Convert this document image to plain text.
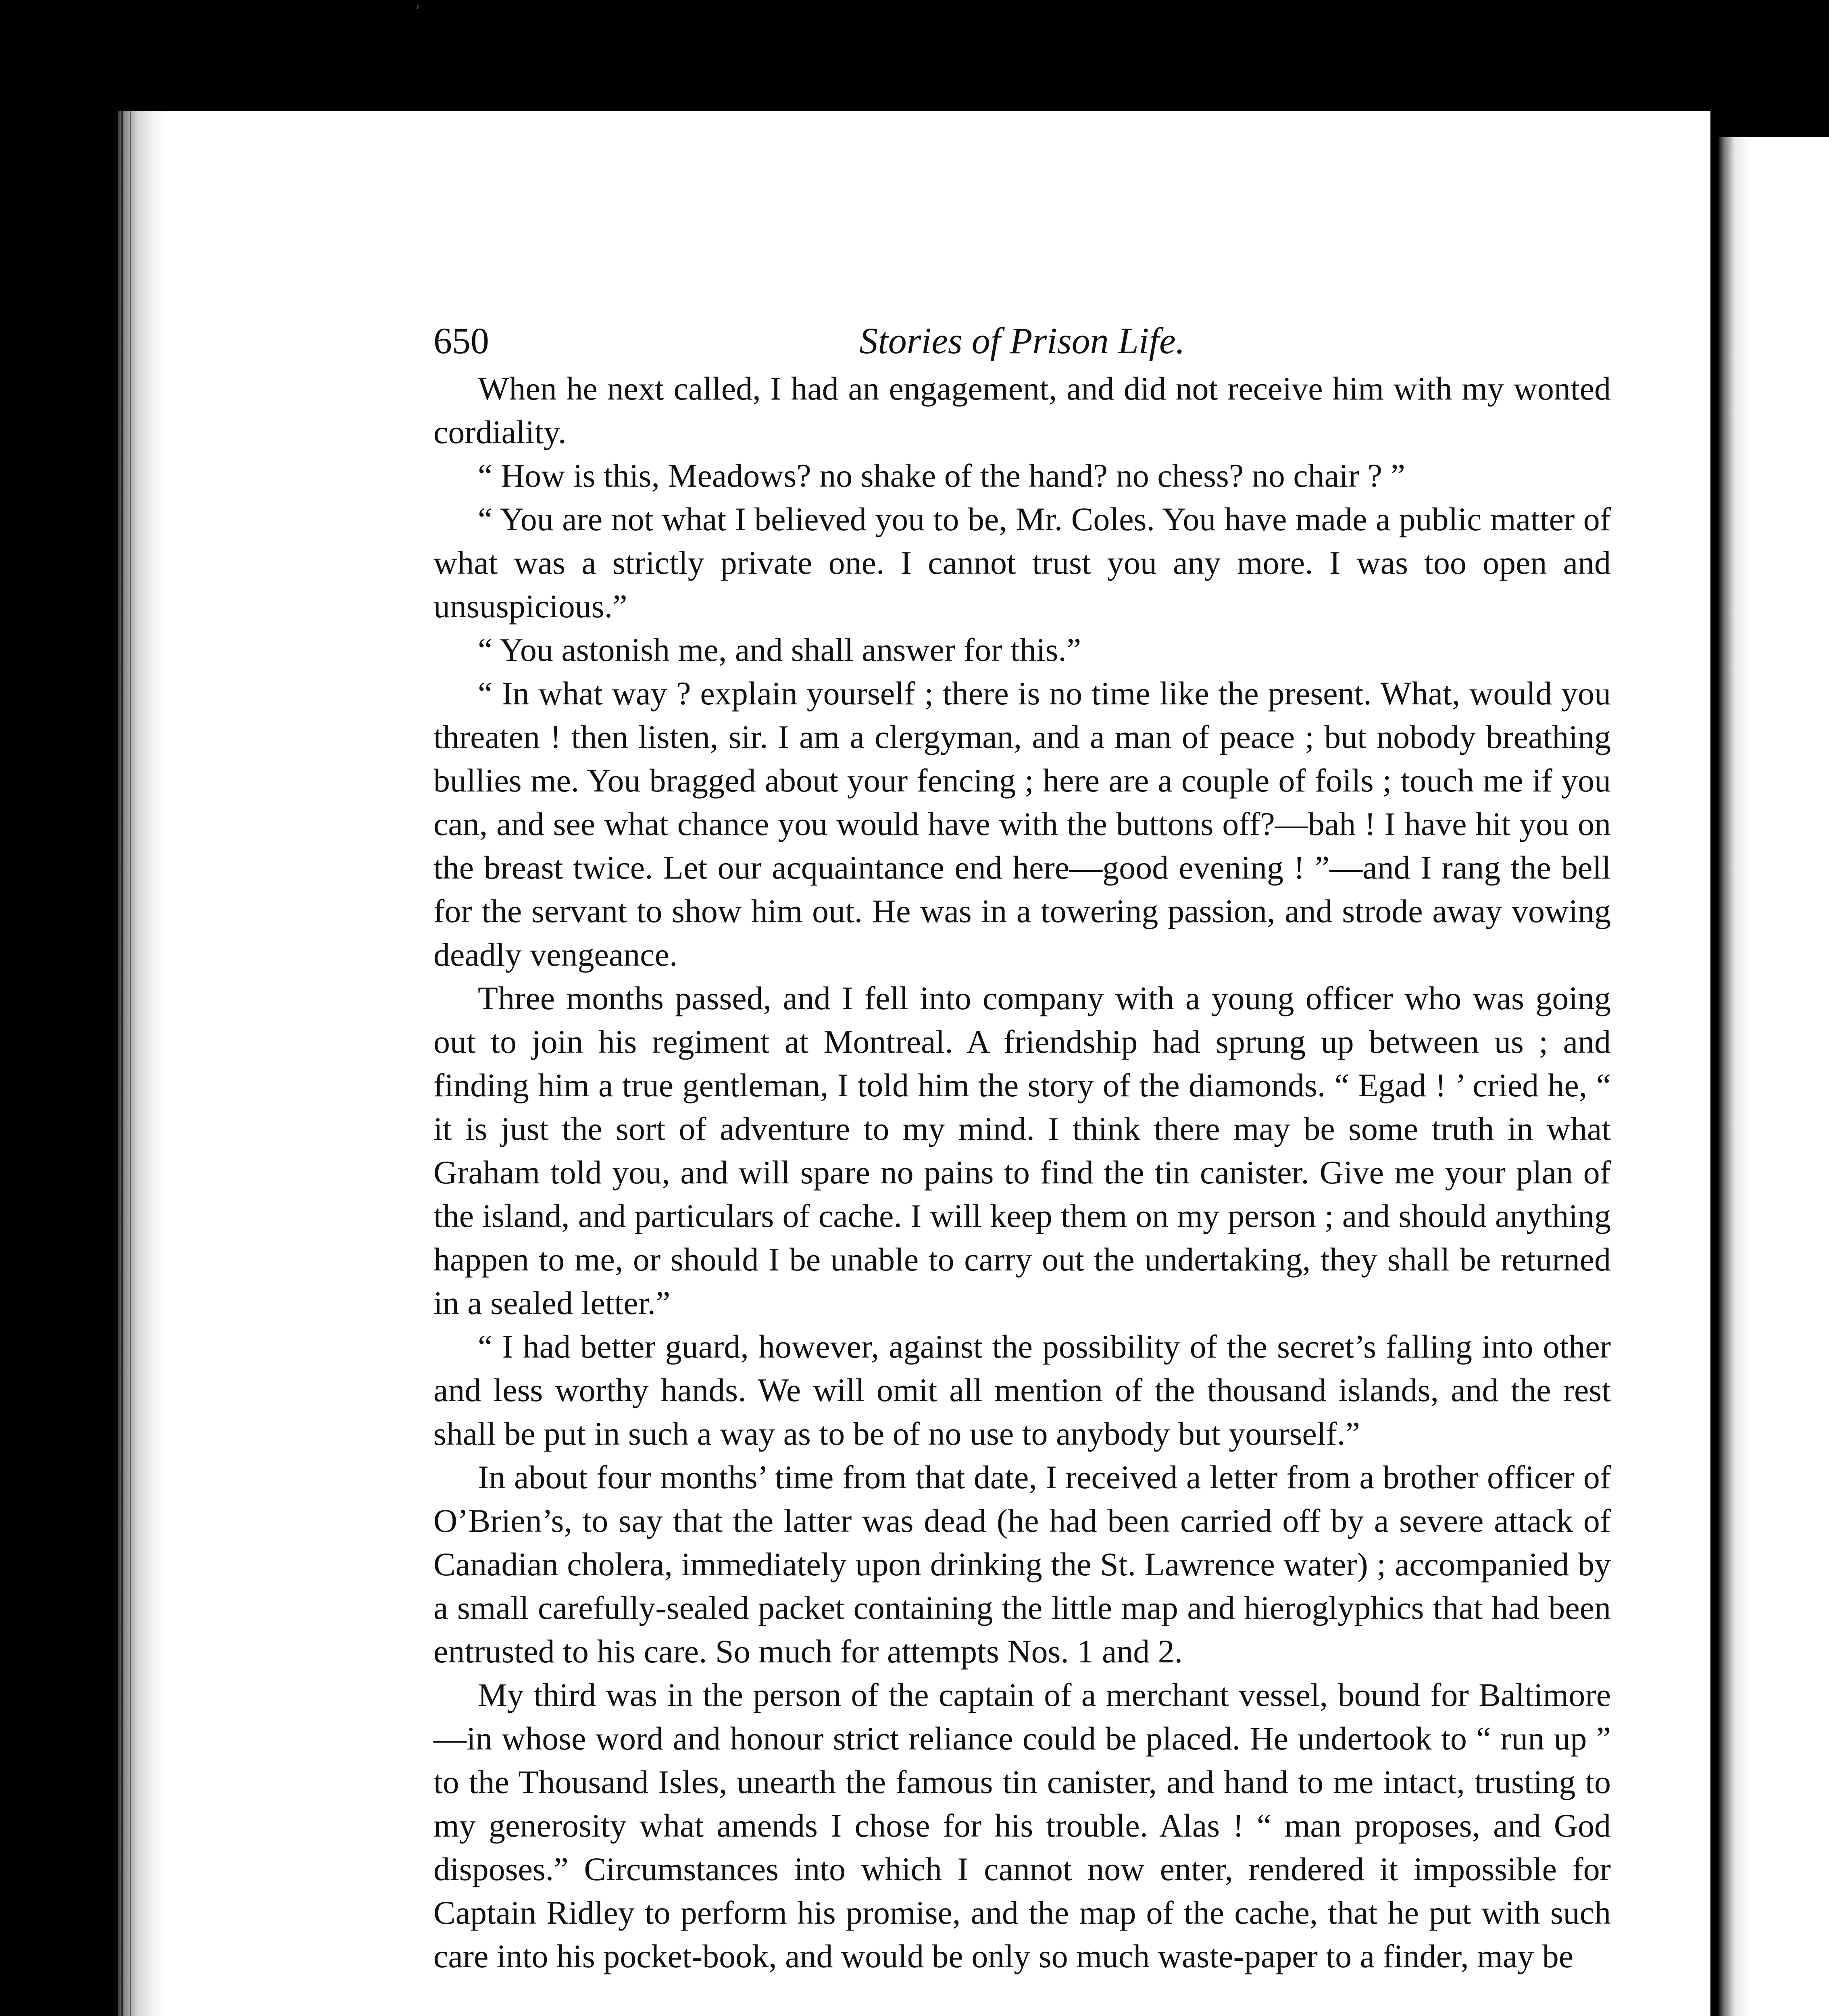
’
650	Stories of Prison Life.

When he next called, I had an engagement, and did not receive him with my wonted cordiality.

“ How is this, Meadows? no shake of the hand? no chess? no chair ? ”

“ You are not what I believed you to be, Mr. Coles. You have made a public matter of what was a strictly private one. I cannot trust you any more. I was too open and unsuspicious.”

“ You astonish me, and shall answer for this.”

“ In what way ? explain yourself ; there is no time like the present. What, would you threaten ! then listen, sir. I am a clergyman, and a man of peace ; but nobody breathing bullies me. You bragged about your fencing ; here are a couple of foils ; touch me if you can, and see what chance you would have with the buttons off?—bah ! I have hit you on the breast twice. Let our acquaintance end here—good evening ! ”—and I rang the bell for the servant to show him out. He was in a towering passion, and strode away vowing deadly vengeance.

Three months passed, and I fell into company with a young officer who was going out to join his regiment at Montreal. A friendship had sprung up between us ; and finding him a true gentleman, I told him the story of the diamonds. “ Egad ! ’ cried he, “ it is just the sort of adventure to my mind. I think there may be some truth in what Graham told you, and will spare no pains to find the tin canister. Give me your plan of the island, and particulars of cache. I will keep them on my person ; and should anything happen to me, or should I be unable to carry out the undertaking, they shall be returned in a sealed letter.”

“ I had better guard, however, against the possibility of the secret’s falling into other and less worthy hands. We will omit all mention of the thousand islands, and the rest shall be put in such a way as to be of no use to anybody but yourself.”

In about four months’ time from that date, I received a letter from a brother officer of O’Brien’s, to say that the latter was dead (he had been carried off by a severe attack of Canadian cholera, immediately upon drinking the St. Lawrence water) ; accompanied by a small carefully-sealed packet containing the little map and hieroglyphics that had been entrusted to his care. So much for attempts Nos. 1 and 2.

My third was in the person of the captain of a merchant vessel, bound for Baltimore—in whose word and honour strict reliance could be placed. He undertook to “ run up ” to the Thousand Isles, unearth the famous tin canister, and hand to me intact, trusting to my generosity what amends I chose for his trouble. Alas ! “ man proposes, and God disposes.” Circumstances into which I cannot now enter, rendered it impossible for Captain Ridley to perform his promise, and the map of the cache, that he put with such care into his pocket-book, and would be only so much waste-paper to a finder, may be
